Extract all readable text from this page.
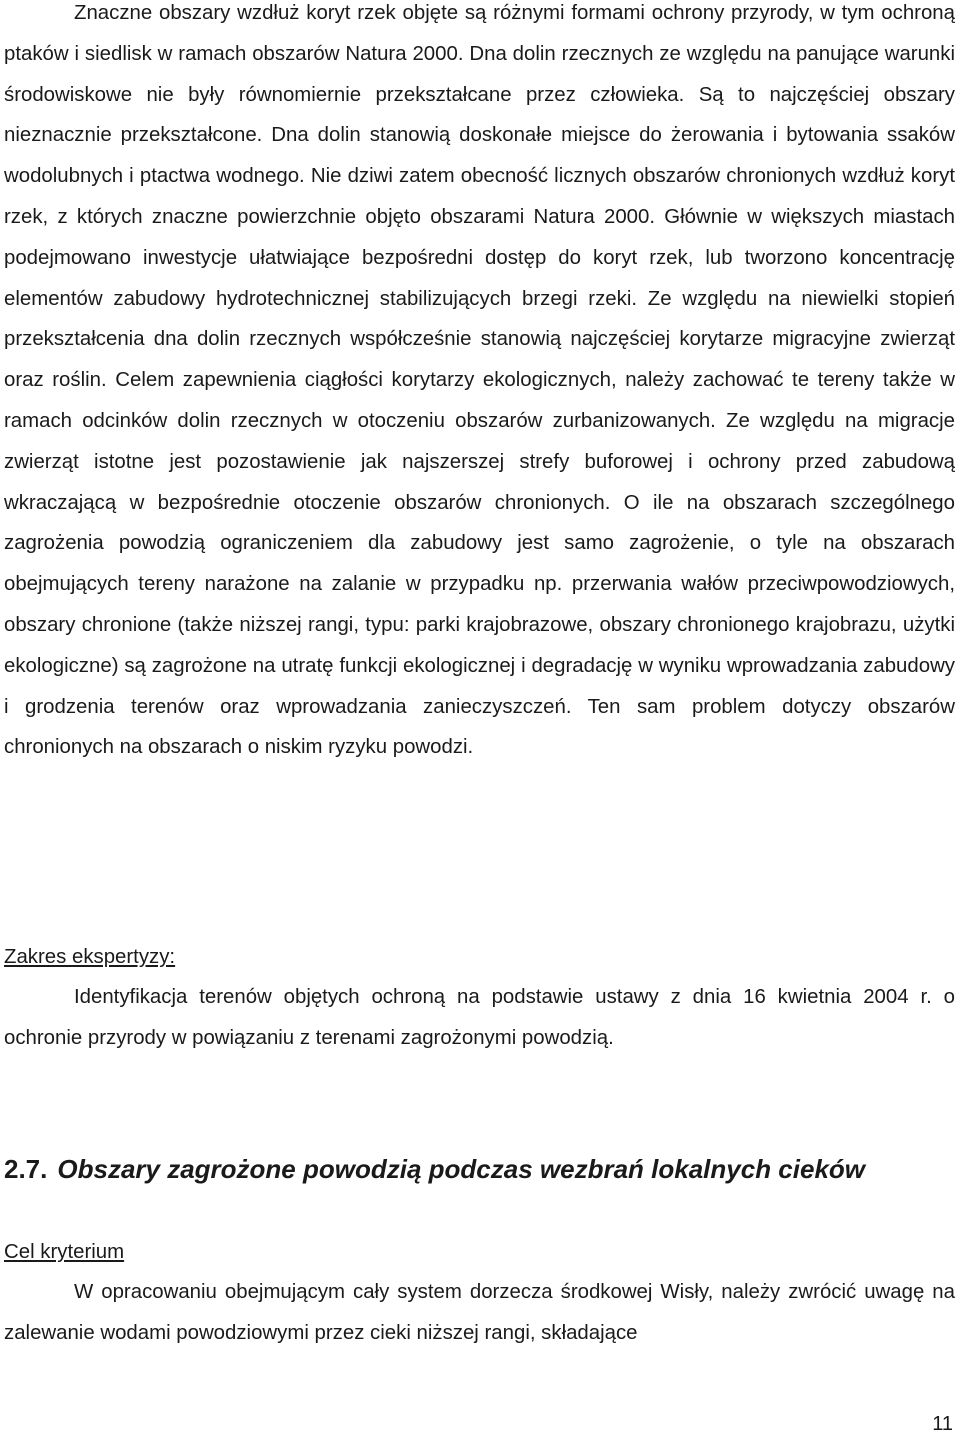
Znaczne obszary wzdłuż koryt rzek objęte są różnymi formami ochrony przyrody, w tym ochroną ptaków i siedlisk w ramach obszarów Natura 2000. Dna dolin rzecznych ze względu na panujące warunki środowiskowe nie były równomiernie przekształcane przez człowieka. Są to najczęściej obszary nieznacznie przekształcone. Dna dolin stanowią doskonałe miejsce do żerowania i bytowania ssaków wodolubnych i ptactwa wodnego. Nie dziwi zatem obecność licznych obszarów chronionych wzdłuż koryt rzek, z których znaczne powierzchnie objęto obszarami Natura 2000. Głównie w większych miastach podejmowano inwestycje ułatwiające bezpośredni dostęp do koryt rzek, lub tworzono koncentrację elementów zabudowy hydrotechnicznej stabilizujących brzegi rzeki. Ze względu na niewielki stopień przekształcenia dna dolin rzecznych współcześnie stanowią najczęściej korytarze migracyjne zwierząt oraz roślin. Celem zapewnienia ciągłości korytarzy ekologicznych, należy zachować te tereny także w ramach odcinków dolin rzecznych w otoczeniu obszarów zurbanizowanych. Ze względu na migracje zwierząt istotne jest pozostawienie jak najszerszej strefy buforowej i ochrony przed zabudową wkraczającą w bezpośrednie otoczenie obszarów chronionych. O ile na obszarach szczególnego zagrożenia powodzią ograniczeniem dla zabudowy jest samo zagrożenie, o tyle na obszarach obejmujących tereny narażone na zalanie w przypadku np. przerwania wałów przeciwpowodziowych, obszary chronione (także niższej rangi, typu: parki krajobrazowe, obszary chronionego krajobrazu, użytki ekologiczne) są zagrożone na utratę funkcji ekologicznej i degradację w wyniku wprowadzania zabudowy i grodzenia terenów oraz wprowadzania zanieczyszczeń. Ten sam problem dotyczy obszarów chronionych na obszarach o niskim ryzyku powodzi.

Zakres ekspertyzy:

Identyfikacja terenów objętych ochroną na podstawie ustawy z dnia 16 kwietnia 2004 r. o ochronie przyrody w powiązaniu z terenami zagrożonymi powodzią.

2.7. Obszary zagrożone powodzią podczas wezbrań lokalnych cieków

Cel kryterium

W opracowaniu obejmującym cały system dorzecza środkowej Wisły, należy zwrócić uwagę na zalewanie wodami powodziowymi przez cieki niższej rangi, składające

11
